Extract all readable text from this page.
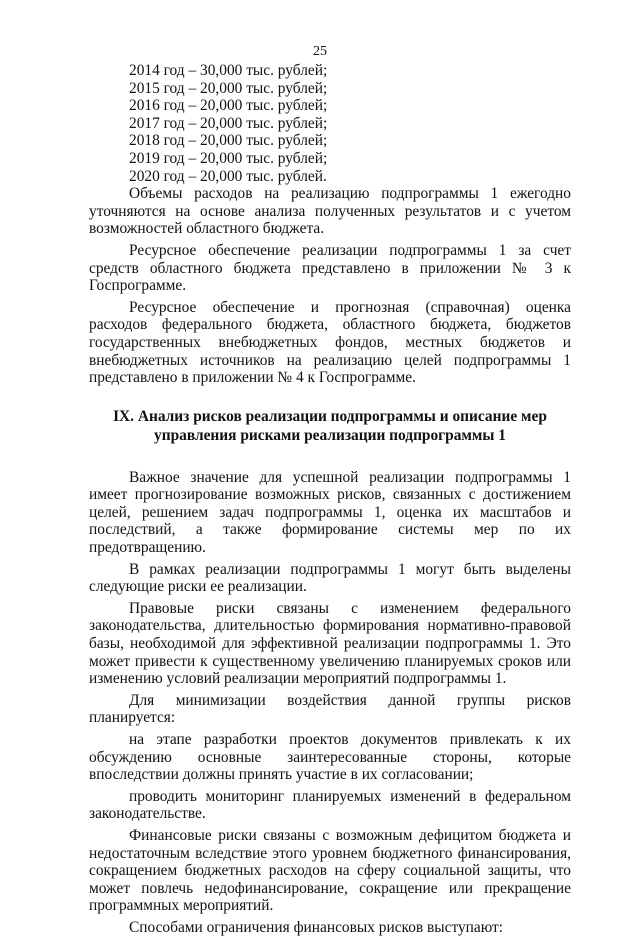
25
2014 год – 30,000 тыс. рублей;
2015 год – 20,000 тыс. рублей;
2016 год – 20,000 тыс. рублей;
2017 год – 20,000 тыс. рублей;
2018 год – 20,000 тыс. рублей;
2019 год – 20,000 тыс. рублей;
2020 год – 20,000 тыс. рублей.

Объемы расходов на реализацию подпрограммы 1 ежегодно уточняются на основе анализа полученных результатов и с учетом возможностей областного бюджета.

Ресурсное обеспечение реализации подпрограммы 1 за счет средств областного бюджета представлено в приложении № 3 к Госпрограмме.

Ресурсное обеспечение и прогнозная (справочная) оценка расходов федерального бюджета, областного бюджета, бюджетов государственных внебюджетных фондов, местных бюджетов и внебюджетных источников на реализацию целей подпрограммы 1 представлено в приложении № 4 к Госпрограмме.

IX. Анализ рисков реализации подпрограммы и описание мер
управления рисками реализации подпрограммы 1

Важное значение для успешной реализации подпрограммы 1 имеет прогнозирование возможных рисков, связанных с достижением целей, решением задач подпрограммы 1, оценка их масштабов и последствий, а также формирование системы мер по их предотвращению.

В рамках реализации подпрограммы 1 могут быть выделены следующие риски ее реализации.

Правовые риски связаны с изменением федерального законодательства, длительностью формирования нормативно-правовой базы, необходимой для эффективной реализации подпрограммы 1. Это может привести к существенному увеличению планируемых сроков или изменению условий реализации мероприятий подпрограммы 1.

Для минимизации воздействия данной группы рисков планируется:

на этапе разработки проектов документов привлекать к их обсуждению основные заинтересованные стороны, которые впоследствии должны принять участие в их согласовании;

проводить мониторинг планируемых изменений в федеральном законодательстве.

Финансовые риски связаны с возможным дефицитом бюджета и недостаточным вследствие этого уровнем бюджетного финансирования, сокращением бюджетных расходов на сферу социальной защиты, что может повлечь недофинансирование, сокращение или прекращение программных мероприятий.

Способами ограничения финансовых рисков выступают:
